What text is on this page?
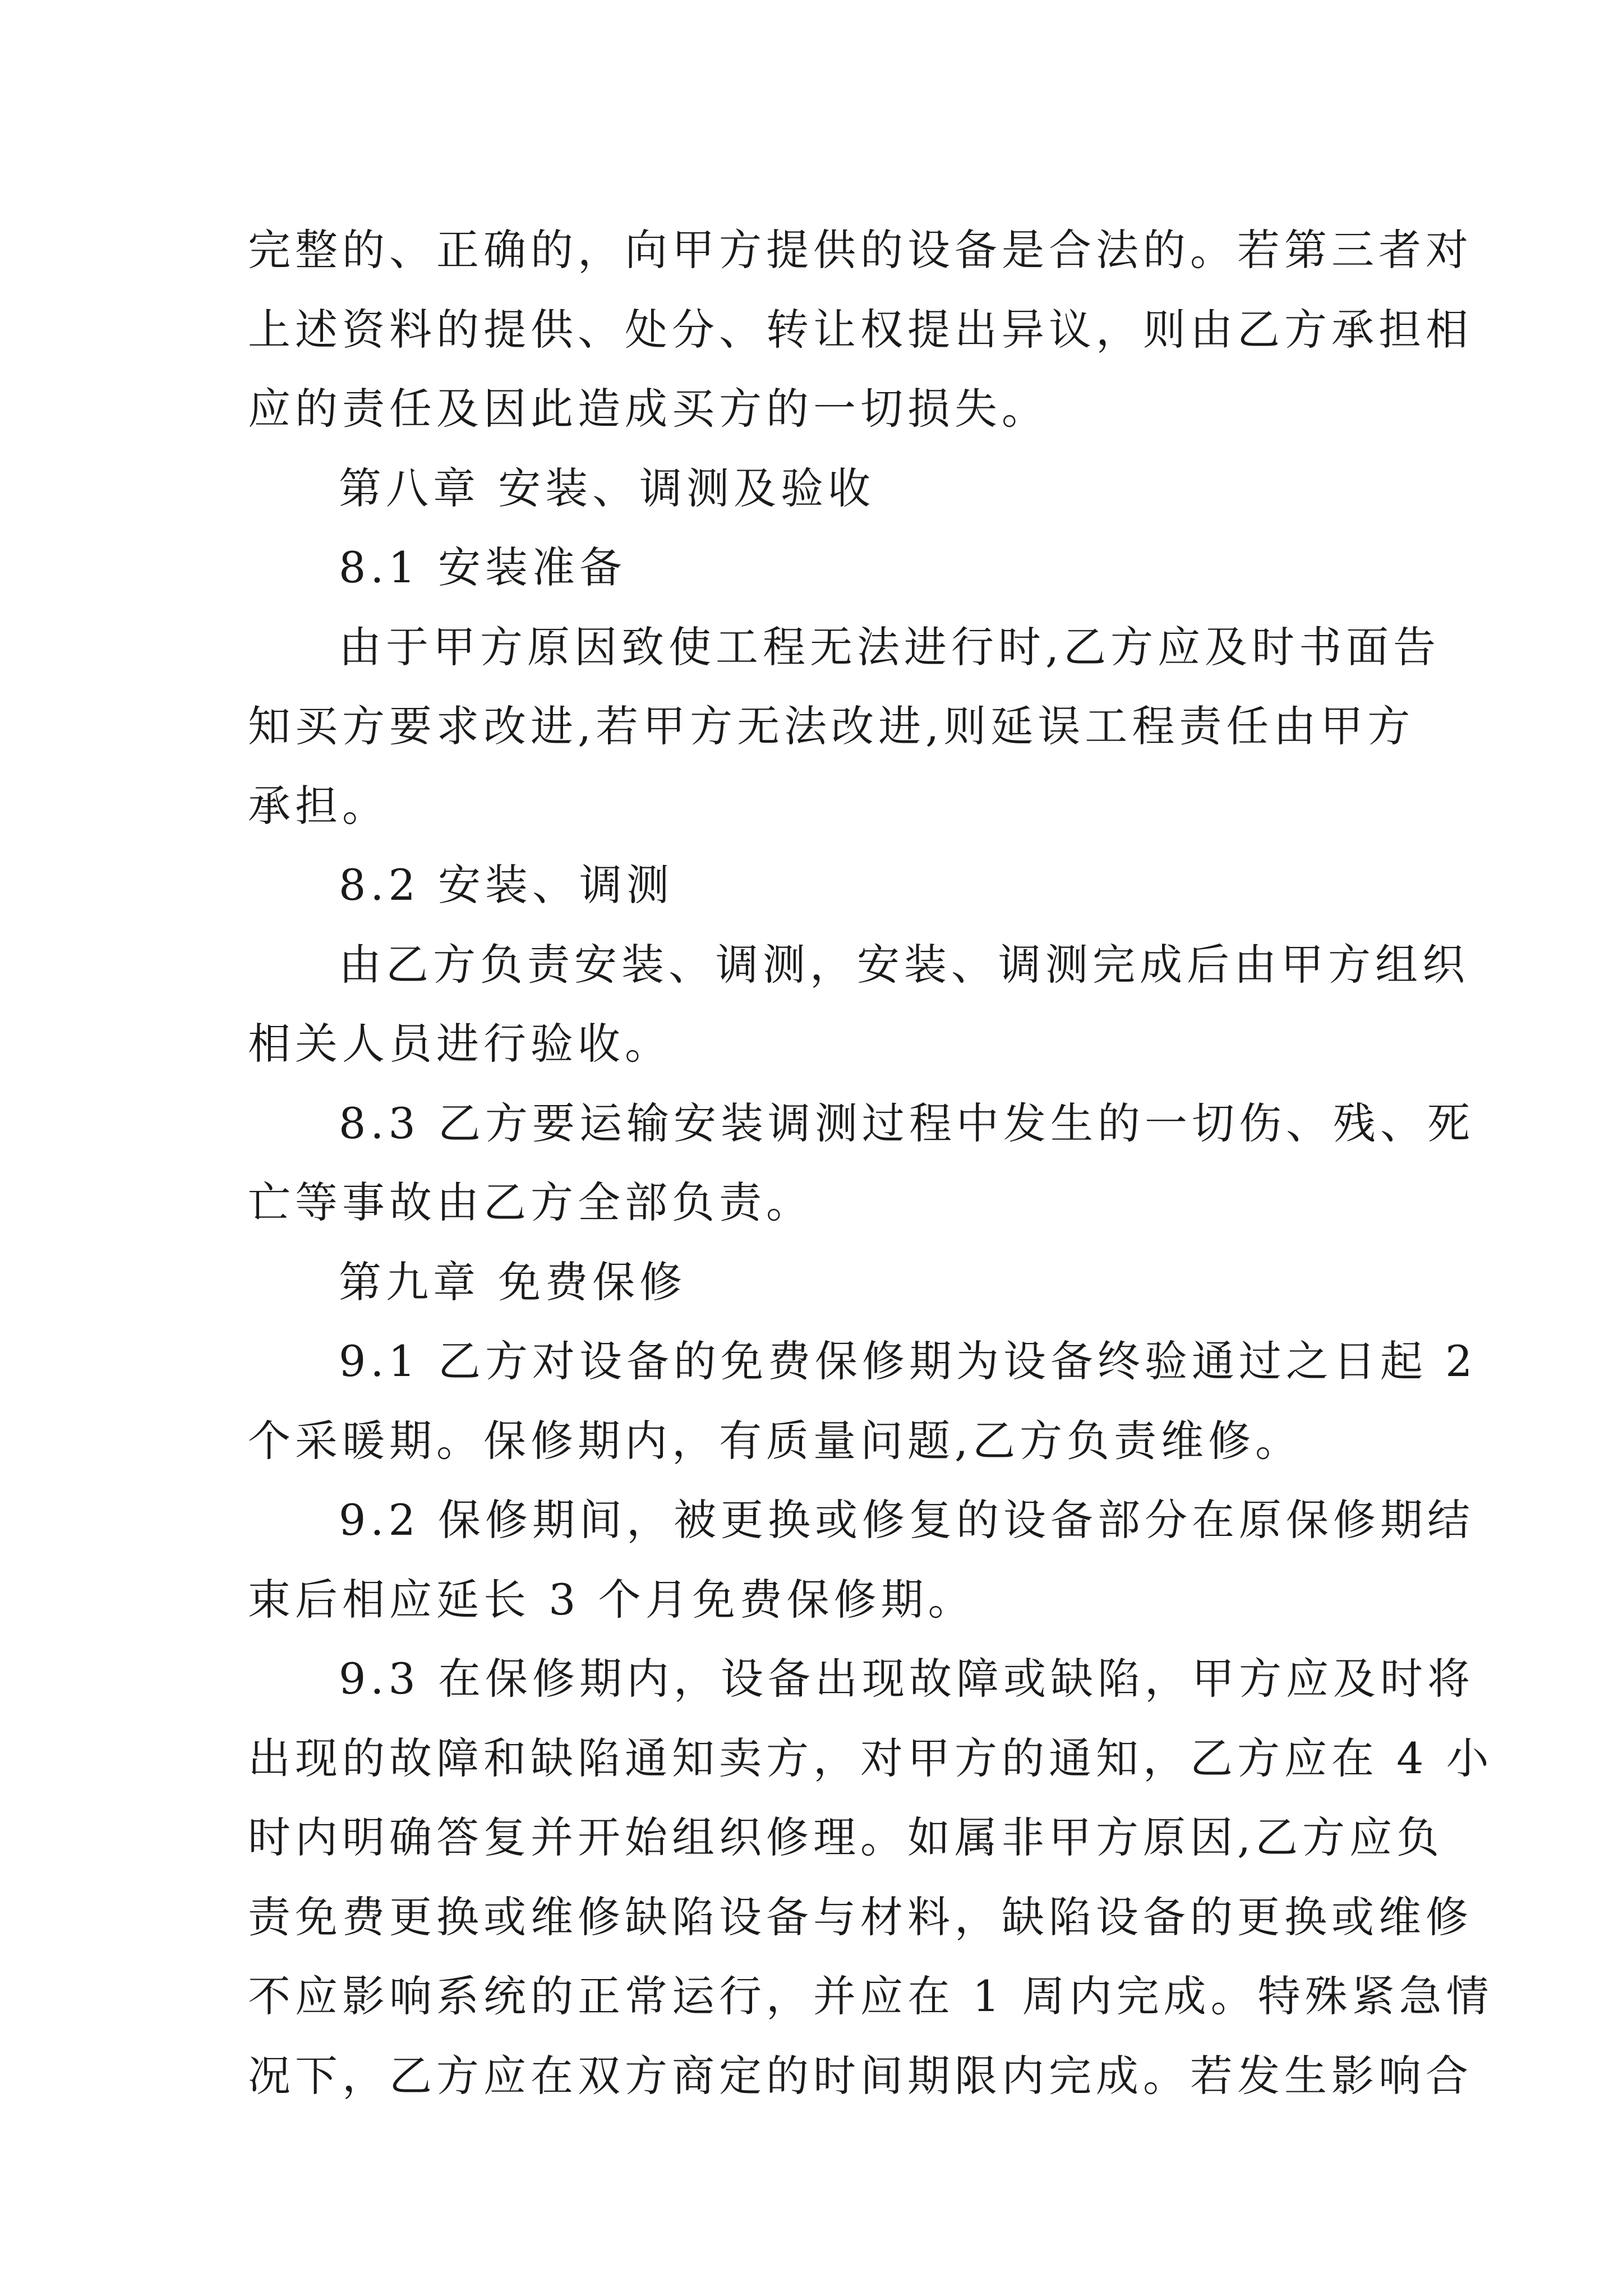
完整的、正确的，向甲方提供的设备是合法的。若第三者对
上述资料的提供、处分、转让权提出异议，则由乙方承担相
应的责任及因此造成买方的一切损失。
第八章 安装、调测及验收
8.1 安装准备
由于甲方原因致使工程无法进行时,乙方应及时书面告
知买方要求改进,若甲方无法改进,则延误工程责任由甲方
承担。
8.2 安装、调测
由乙方负责安装、调测，安装、调测完成后由甲方组织
相关人员进行验收。
8.3 乙方要运输安装调测过程中发生的一切伤、残、死
亡等事故由乙方全部负责。
第九章 免费保修
9.1 乙方对设备的免费保修期为设备终验通过之日起 2
个采暖期。保修期内，有质量问题,乙方负责维修。
9.2 保修期间，被更换或修复的设备部分在原保修期结
束后相应延长 3 个月免费保修期。
9.3 在保修期内，设备出现故障或缺陷，甲方应及时将
出现的故障和缺陷通知卖方，对甲方的通知，乙方应在 4 小
时内明确答复并开始组织修理。如属非甲方原因,乙方应负
责免费更换或维修缺陷设备与材料，缺陷设备的更换或维修
不应影响系统的正常运行，并应在 1 周内完成。特殊紧急情
况下，乙方应在双方商定的时间期限内完成。若发生影响合
